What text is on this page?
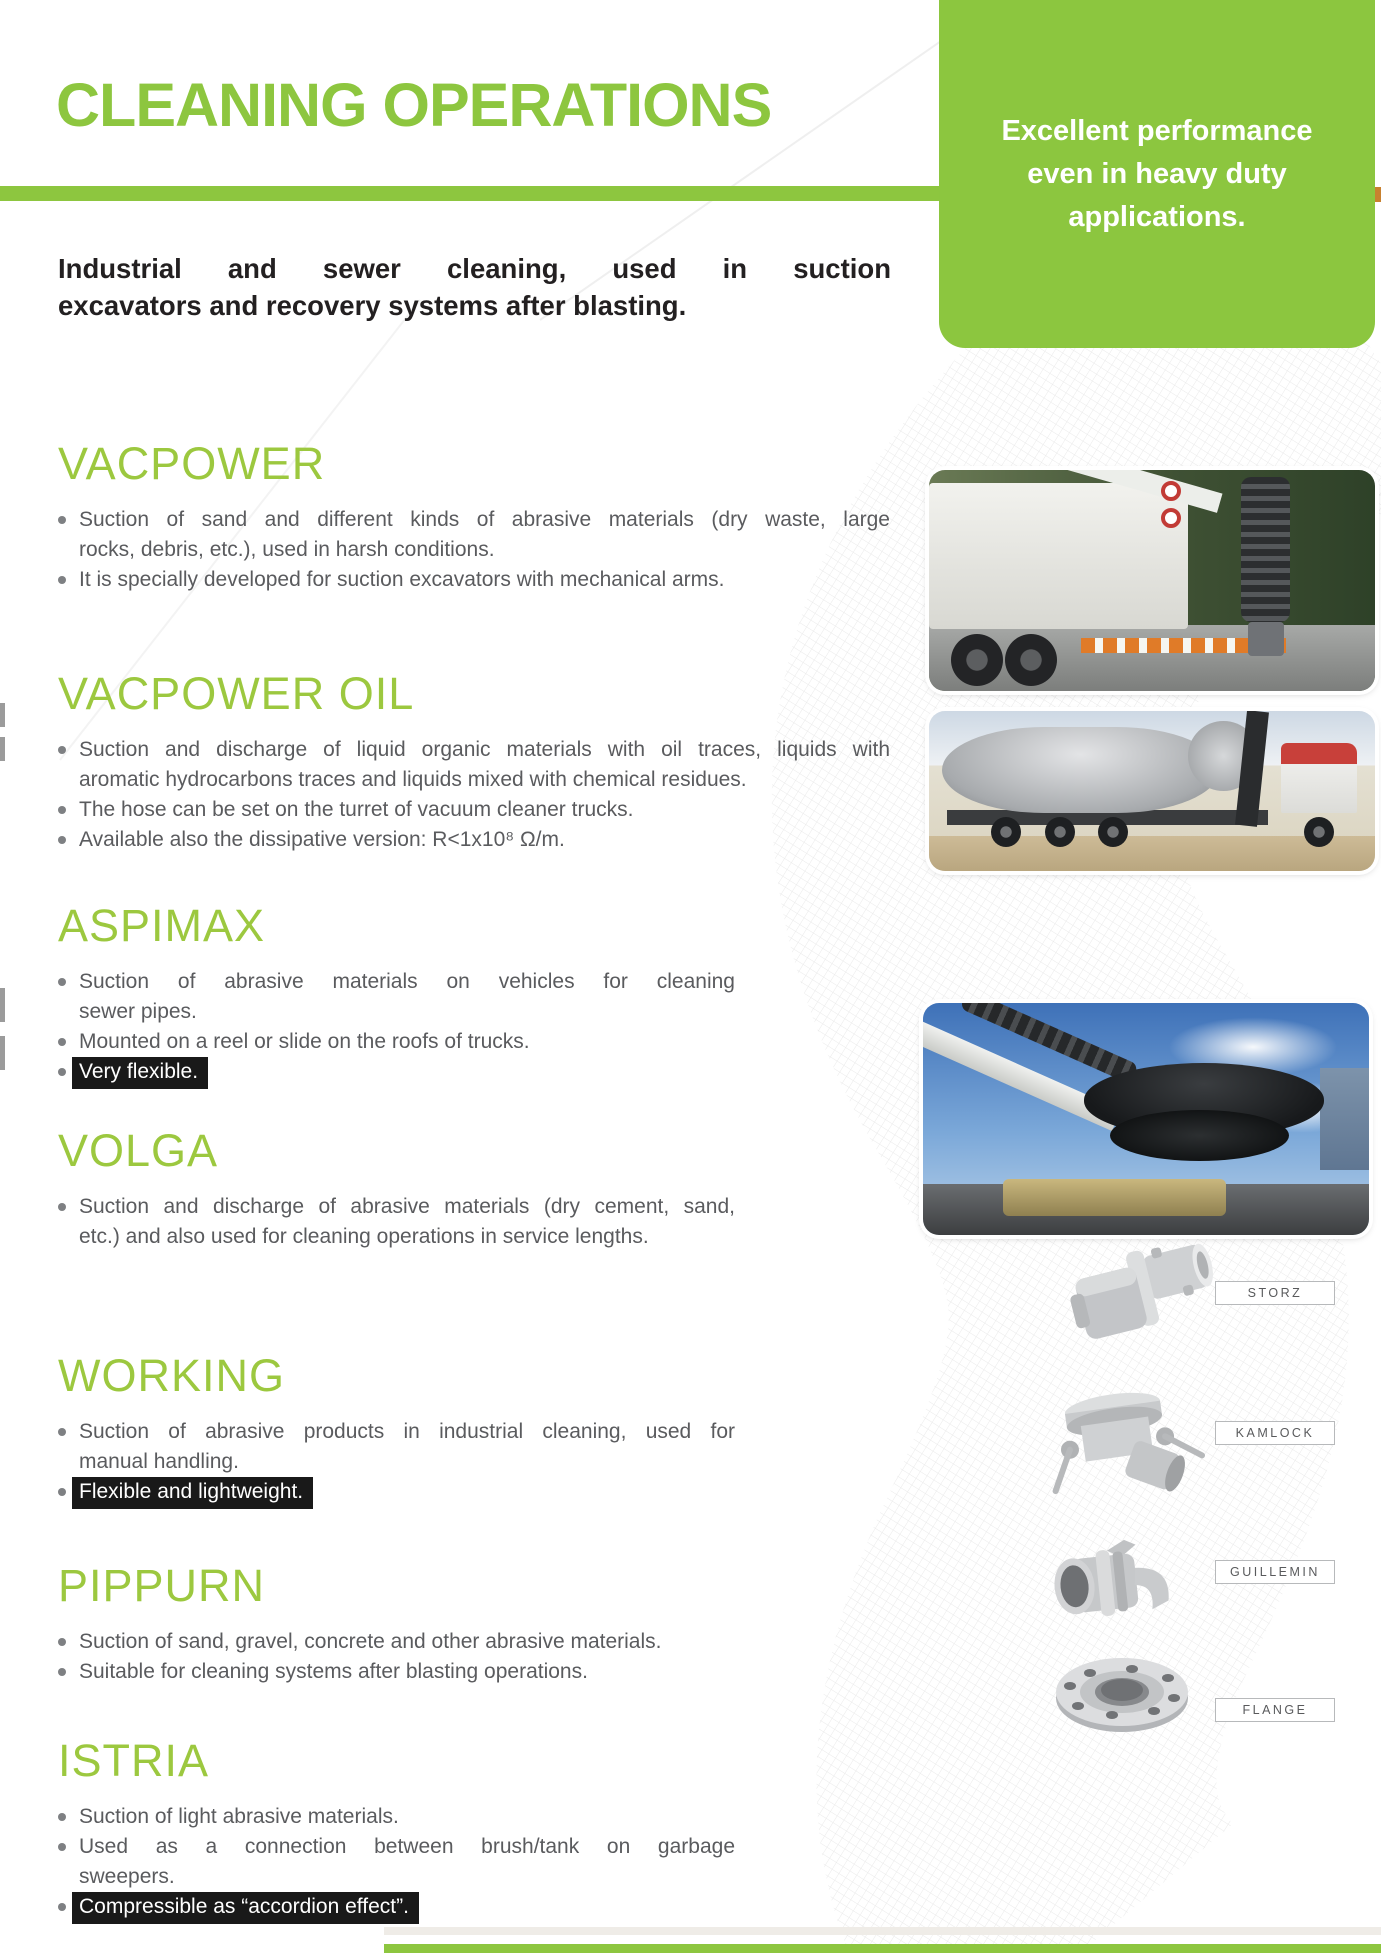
CLEANING OPERATIONS	Excellent performance
even in heavy duty
applications.
Industrial and sewer cleaning, used in suction
excavators and recovery systems after blasting.
VACPOWER
Suction of sand and different kinds of abrasive materials (dry waste, large
rocks, debris, etc.), used in harsh conditions.
It is specially developed for suction excavators with mechanical arms.
VACPOWER OIL
Suction and discharge of liquid organic materials with oil traces, liquids with
aromatic hydrocarbons traces and liquids mixed with chemical residues.
The hose can be set on the turret of vacuum cleaner trucks.
Available also the dissipative version: R<1x10⁸ Ω/m.
ASPIMAX
Suction of abrasive materials on vehicles for cleaning
sewer pipes.
Mounted on a reel or slide on the roofs of trucks.
Very flexible.
VOLGA
Suction and discharge of abrasive materials (dry cement, sand,
etc.) and also used for cleaning operations in service lengths.
WORKING
Suction of abrasive products in industrial cleaning, used for
manual handling.
Flexible and lightweight.
PIPPURN
Suction of sand, gravel, concrete and other abrasive materials.
Suitable for cleaning systems after blasting operations.
ISTRIA
Suction of light abrasive materials.
Used as a connection between brush/tank on garbage
sweepers.
Compressible as “accordion effect”.
STORZ
KAMLOCK
GUILLEMIN
FLANGE
